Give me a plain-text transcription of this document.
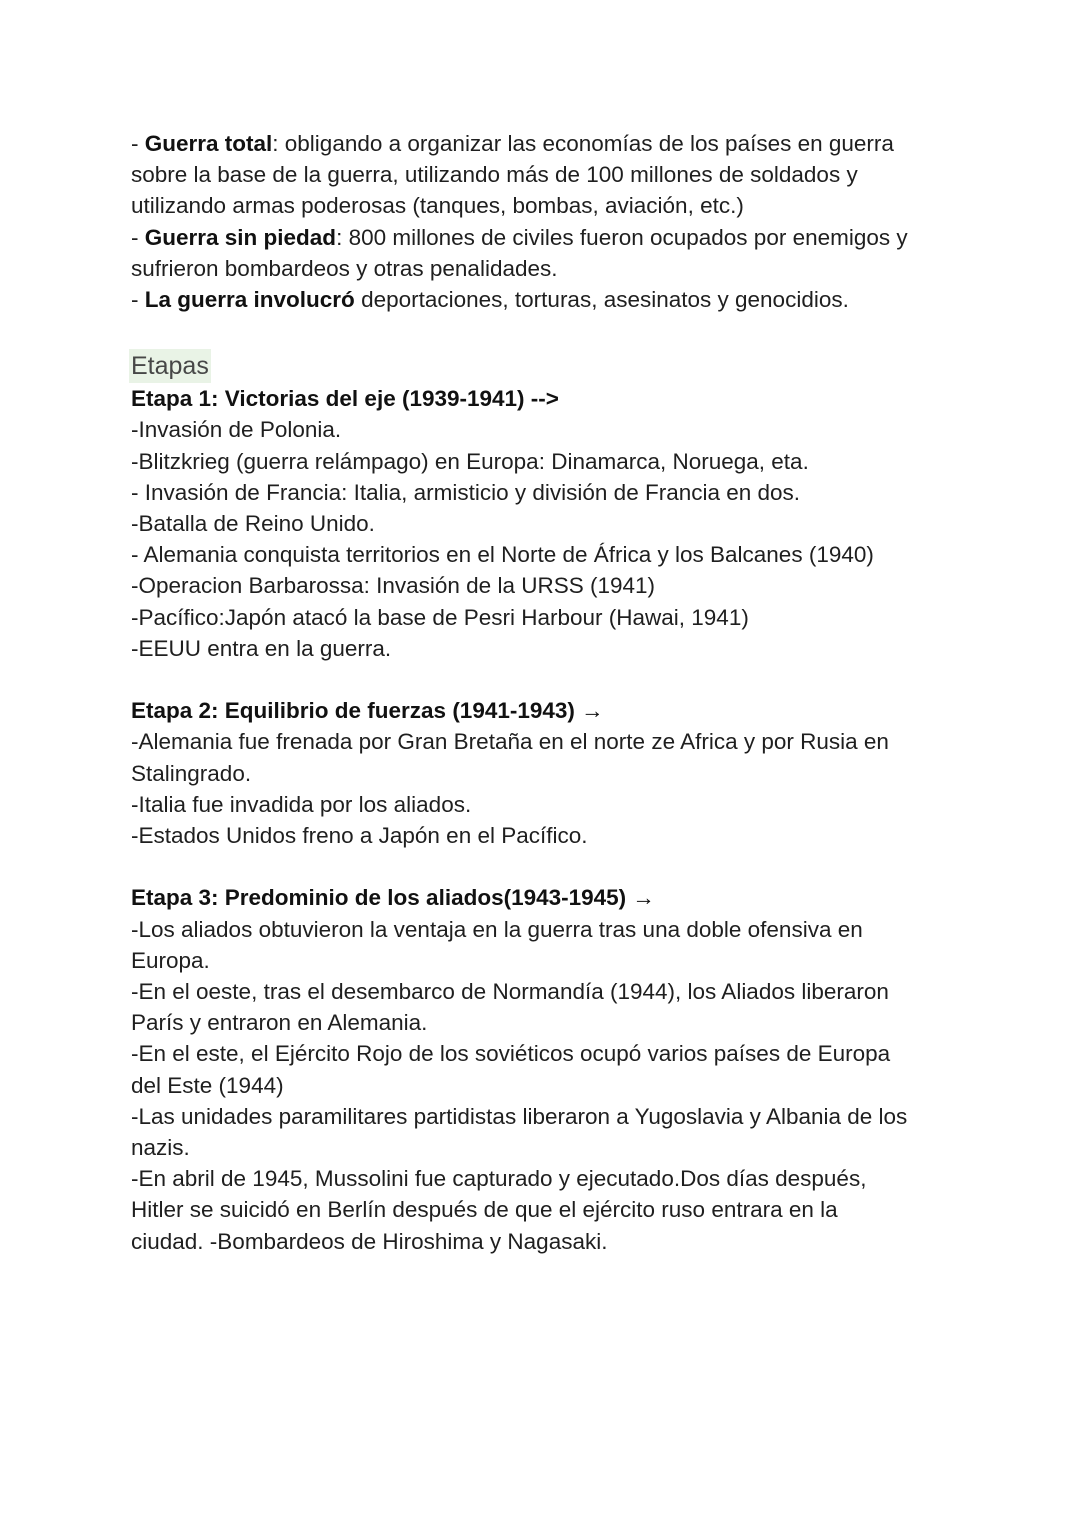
- Guerra total: obligando a organizar las economías de los países en guerra

sobre la base de la guerra, utilizando más de 100 millones de soldados y

utilizando armas poderosas (tanques, bombas, aviación, etc.)

- Guerra sin piedad: 800 millones de civiles fueron ocupados por enemigos y

sufrieron bombardeos y otras penalidades.

- La guerra involucró deportaciones, torturas, asesinatos y genocidios.

Etapas

Etapa 1: Victorias del eje (1939-1941) -->

-Invasión de Polonia.

-Blitzkrieg (guerra relámpago) en Europa: Dinamarca, Noruega, eta.

- Invasión de Francia: Italia, armisticio y división de Francia en dos.

-Batalla de Reino Unido.

- Alemania conquista territorios en el Norte de África y los Balcanes (1940)

-Operacion Barbarossa: Invasión de la URSS (1941)

-Pacífico:Japón atacó la base de Pesri Harbour (Hawai, 1941)

-EEUU entra en la guerra.

Etapa 2: Equilibrio de fuerzas (1941-1943) →

-Alemania fue frenada por Gran Bretaña en el norte ze Africa y por Rusia en

Stalingrado.

-Italia fue invadida por los aliados.

-Estados Unidos freno a Japón en el Pacífico.

Etapa 3: Predominio de los aliados(1943-1945) →

-Los aliados obtuvieron la ventaja en la guerra tras una doble ofensiva en

Europa.

-En el oeste, tras el desembarco de Normandía (1944), los Aliados liberaron

París y entraron en Alemania.

-En el este, el Ejército Rojo de los soviéticos ocupó varios países de Europa

del Este (1944)

-Las unidades paramilitares partidistas liberaron a Yugoslavia y Albania de los

nazis.

-En abril de 1945, Mussolini fue capturado y ejecutado.Dos días después,

Hitler se suicidó en Berlín después de que el ejército ruso entrara en la

ciudad. -Bombardeos de Hiroshima y Nagasaki.
